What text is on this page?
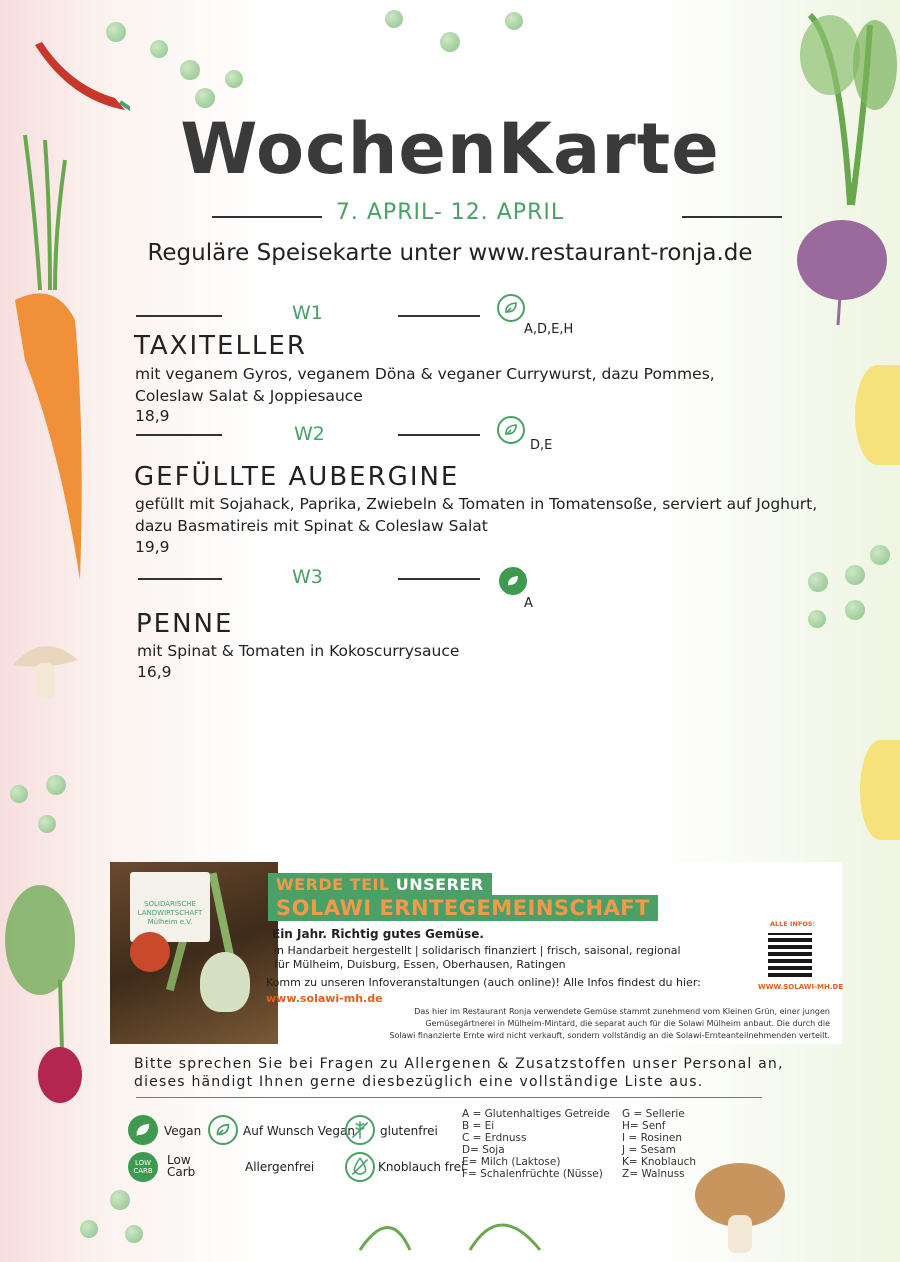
WochenKarte
7. APRIL- 12. APRIL
Reguläre Speisekarte unter www.restaurant-ronja.de
W1
A,D,E,H
TAXITELLER
mit veganem Gyros, veganem Döna & veganer Currywurst, dazu Pommes,
Coleslaw Salat & Joppiesauce
18,9
W2
D,E
GEFÜLLTE AUBERGINE
gefüllt mit Sojahack, Paprika, Zwiebeln & Tomaten in Tomatensoße, serviert auf Joghurt,
dazu Basmatireis mit Spinat & Coleslaw Salat
19,9
W3
A
PENNE
mit Spinat & Tomaten in Kokoscurrysauce
16,9
SOLIDARISCHE LANDWIRTSCHAFT Mülheim e.V.
WERDE TEIL UNSERER
SOLAWI ERNTEGEMEINSCHAFT
Ein Jahr. Richtig gutes Gemüse.
in Handarbeit hergestellt | solidarisch finanziert | frisch, saisonal, regional
für Mülheim, Duisburg, Essen, Oberhausen, Ratingen
Komm zu unseren Infoveranstaltungen (auch online)! Alle Infos findest du hier:
www.solawi-mh.de
Das hier im Restaurant Ronja verwendete Gemüse stammt zunehmend vom Kleinen Grün, einer jungen
Gemüsegärtnerei in Mülheim-Mintard, die separat auch für die Solawi Mülheim anbaut. Die durch die
Solawi finanzierte Ernte wird nicht verkauft, sondern vollständig an die Solawi-Ernteanteilnehmenden verteilt.
ALLE INFOS:
WWW.SOLAWI-MH.DE
Bitte sprechen Sie bei Fragen zu Allergenen & Zusatzstoffen unser Personal an,
dieses händigt Ihnen gerne diesbezüglich eine vollständige Liste aus.
Vegan	Auf Wunsch Vegan glutenfrei
LOW CARB
Low
Carb	Allergenfrei	Knoblauch frei
A = Glutenhaltiges Getreide
B = Ei
C = Erdnuss
D= Soja
E= Milch (Laktose)
F= Schalenfrüchte (Nüsse)
G = Sellerie
H= Senf
I = Rosinen
J = Sesam
K= Knoblauch
Z= Walnuss
